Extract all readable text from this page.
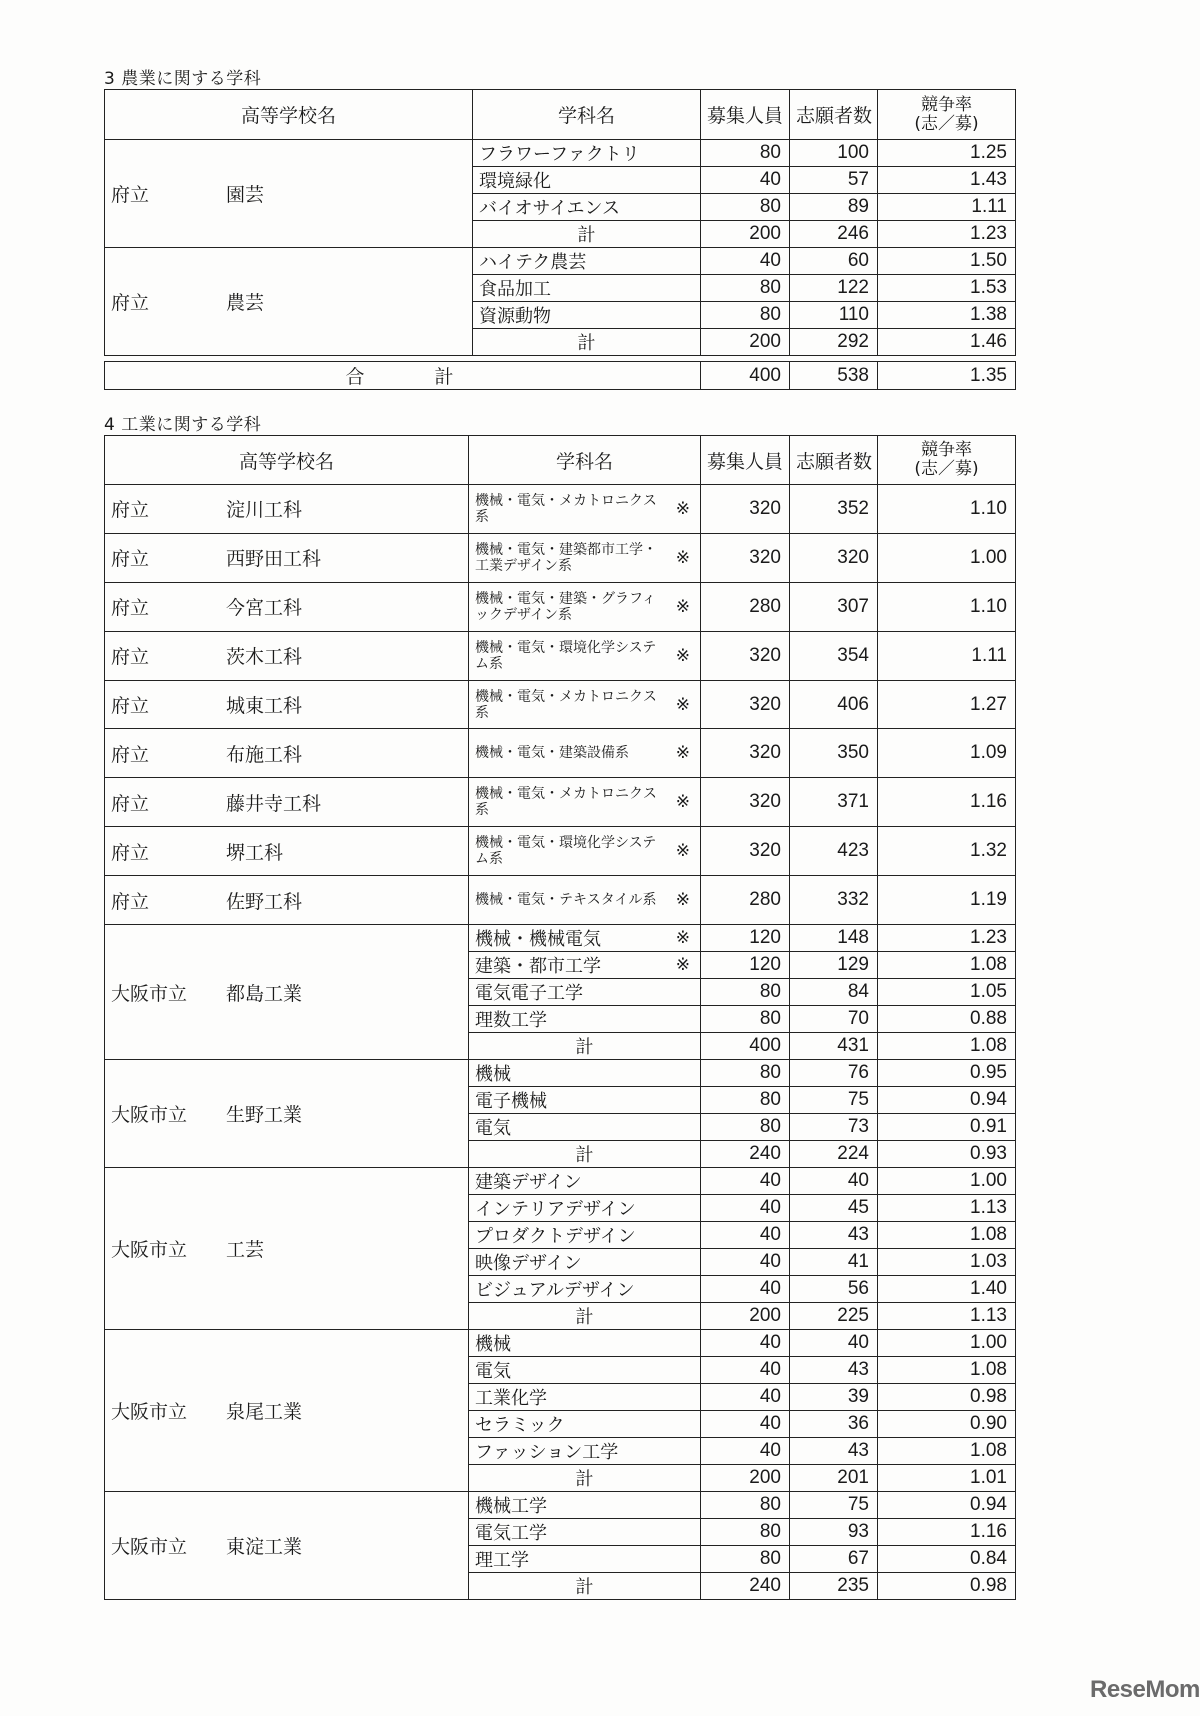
3 農業に関する学科
高等学校名	学科名	募集人員	志願者数	競争率
(志／募)
府立 園芸	フラワーファクトリ	80	100	1.25
	環境緑化	40	57	1.43
	バイオサイエンス	80	89	1.11
	計	200	246	1.23
府立 農芸	ハイテク農芸	40	60	1.50
	食品加工	80	122	1.53
	資源動物	80	110	1.38
	計	200	292	1.46
合計	400	538	1.35
4 工業に関する学科
高等学校名	学科名	募集人員	志願者数	競争率
(志／募)
府立 淀川工科	機械・電気・メカトロニクス系 ※	320	352	1.10
府立 西野田工科	機械・電気・建築都市工学・工業デザイン系 ※	320	320	1.00
府立 今宮工科	機械・電気・建築・グラフィックデザイン系 ※	280	307	1.10
府立 茨木工科	機械・電気・環境化学システム系 ※	320	354	1.11
府立 城東工科	機械・電気・メカトロニクス系 ※	320	406	1.27
府立 布施工科	機械・電気・建築設備系 ※	320	350	1.09
府立 藤井寺工科	機械・電気・メカトロニクス系 ※	320	371	1.16
府立 堺工科	機械・電気・環境化学システム系 ※	320	423	1.32
府立 佐野工科	機械・電気・テキスタイル系 ※	280	332	1.19
大阪市立 都島工業	機械・機械電気 ※	120	148	1.23
	建築・都市工学 ※	120	129	1.08
	電気電子工学	80	84	1.05
	理数工学	80	70	0.88
	計	400	431	1.08
大阪市立 生野工業	機械	80	76	0.95
	電子機械	80	75	0.94
	電気	80	73	0.91
	計	240	224	0.93
大阪市立 工芸	建築デザイン	40	40	1.00
	インテリアデザイン	40	45	1.13
	プロダクトデザイン	40	43	1.08
	映像デザイン	40	41	1.03
	ビジュアルデザイン	40	56	1.40
	計	200	225	1.13
大阪市立 泉尾工業	機械	40	40	1.00
	電気	40	43	1.08
	工業化学	40	39	0.98
	セラミック	40	36	0.90
	ファッション工学	40	43	1.08
	計	200	201	1.01
大阪市立 東淀工業	機械工学	80	75	0.94
	電気工学	80	93	1.16
	理工学	80	67	0.84
	計	240	235	0.98
ReseMom
